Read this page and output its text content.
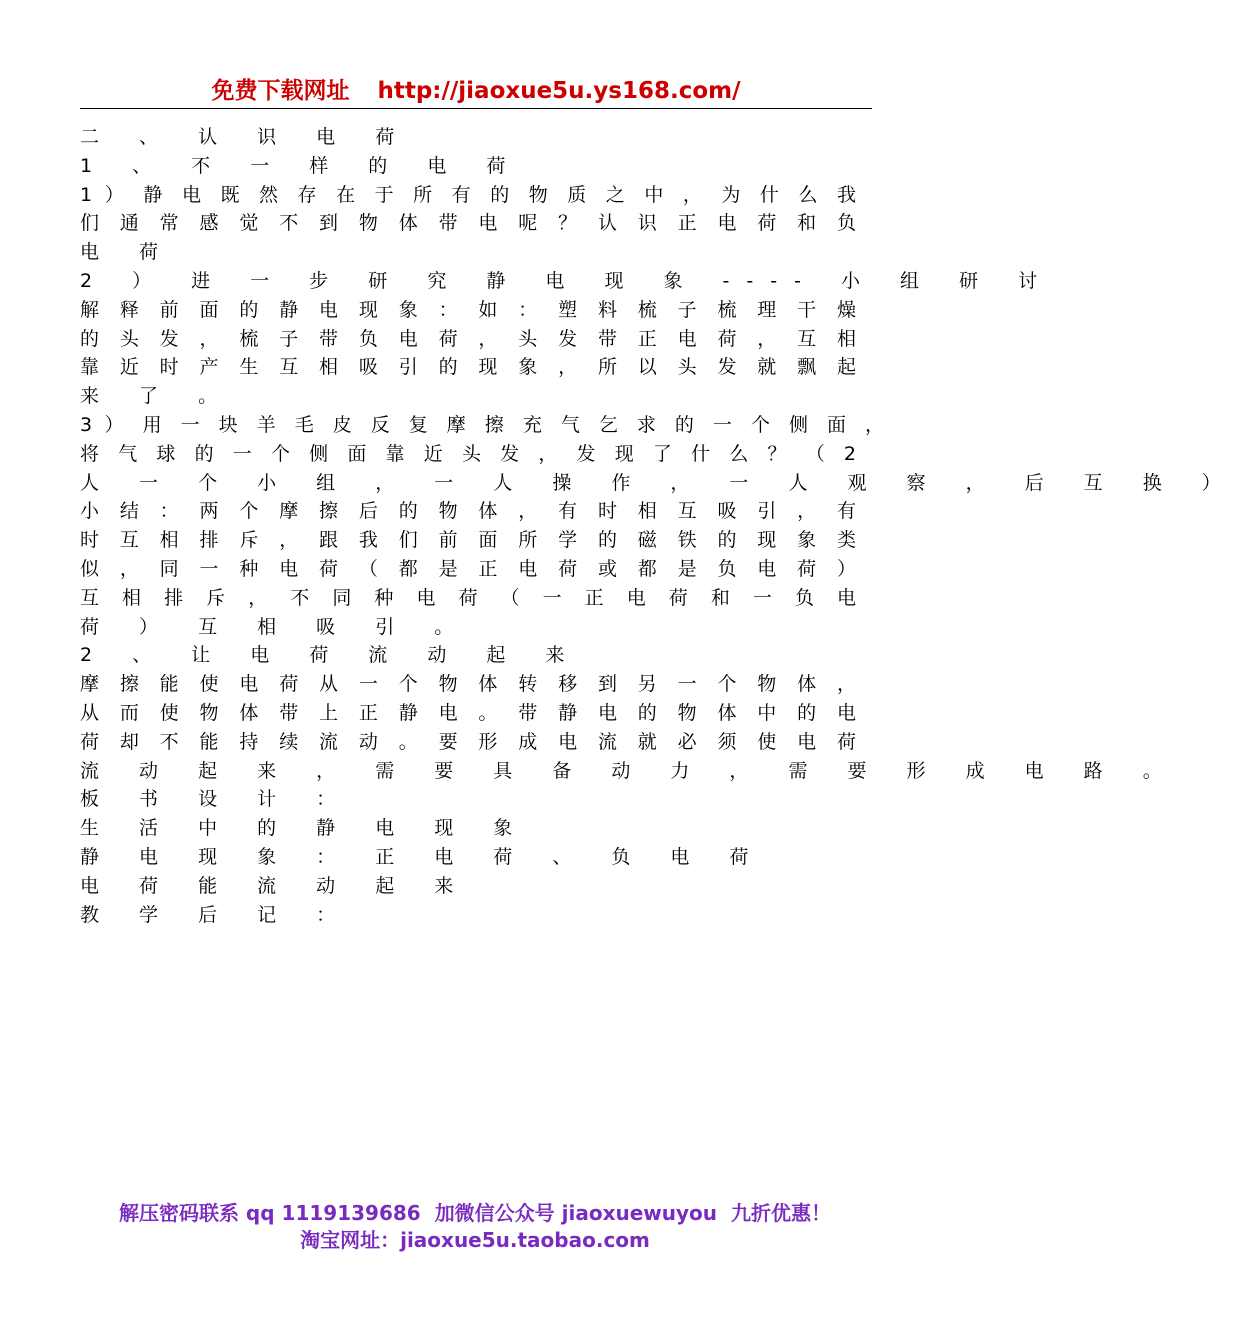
免费下载网址 http://jiaoxue5u.ys168.com/
二 、 认 识 电 荷
1 、 不 一 样 的 电 荷
1 ） 静 电 既 然 存 在 于 所 有 的 物 质 之 中 ， 为 什 么 我
们 通 常 感 觉 不 到 物 体 带 电 呢 ？ 认 识 正 电 荷 和 负
电 荷
2 ） 进 一 步 研 究 静 电 现 象 ---- 小 组 研 讨
解 释 前 面 的 静 电 现 象 ： 如 ： 塑 料 梳 子 梳 理 干 燥
的 头 发 ， 梳 子 带 负 电 荷 ， 头 发 带 正 电 荷 ， 互 相
靠 近 时 产 生 互 相 吸 引 的 现 象 ， 所 以 头 发 就 飘 起
来 了 。
3 ） 用 一 块 羊 毛 皮 反 复 摩 擦 充 气 乞 求 的 一 个 侧 面 ，
将 气 球 的 一 个 侧 面 靠 近 头 发 ， 发 现 了 什 么 ？ （ 2
人 一 个 小 组 ， 一 人 操 作 ， 一 人 观 察 ， 后 互 换 ）
小 结 ： 两 个 摩 擦 后 的 物 体 ， 有 时 相 互 吸 引 ， 有
时 互 相 排 斥 ， 跟 我 们 前 面 所 学 的 磁 铁 的 现 象 类
似 ， 同 一 种 电 荷 （ 都 是 正 电 荷 或 都 是 负 电 荷 ）
互 相 排 斥 ， 不 同 种 电 荷 （ 一 正 电 荷 和 一 负 电
荷 ） 互 相 吸 引 。
2 、 让 电 荷 流 动 起 来
摩 擦 能 使 电 荷 从 一 个 物 体 转 移 到 另 一 个 物 体 ，
从 而 使 物 体 带 上 正 静 电 。 带 静 电 的 物 体 中 的 电
荷 却 不 能 持 续 流 动 。 要 形 成 电 流 就 必 须 使 电 荷
流 动 起 来 ， 需 要 具 备 动 力 ， 需 要 形 成 电 路 。
板 书 设 计 ：
生 活 中 的 静 电 现 象
静 电 现 象 ： 正 电 荷 、 负 电 荷
电 荷 能 流 动 起 来
教 学 后 记 ：
解压密码联系 qq 1119139686 加微信公众号 jiaoxuewuyou 九折优惠！
淘宝网址：jiaoxue5u.taobao.com
